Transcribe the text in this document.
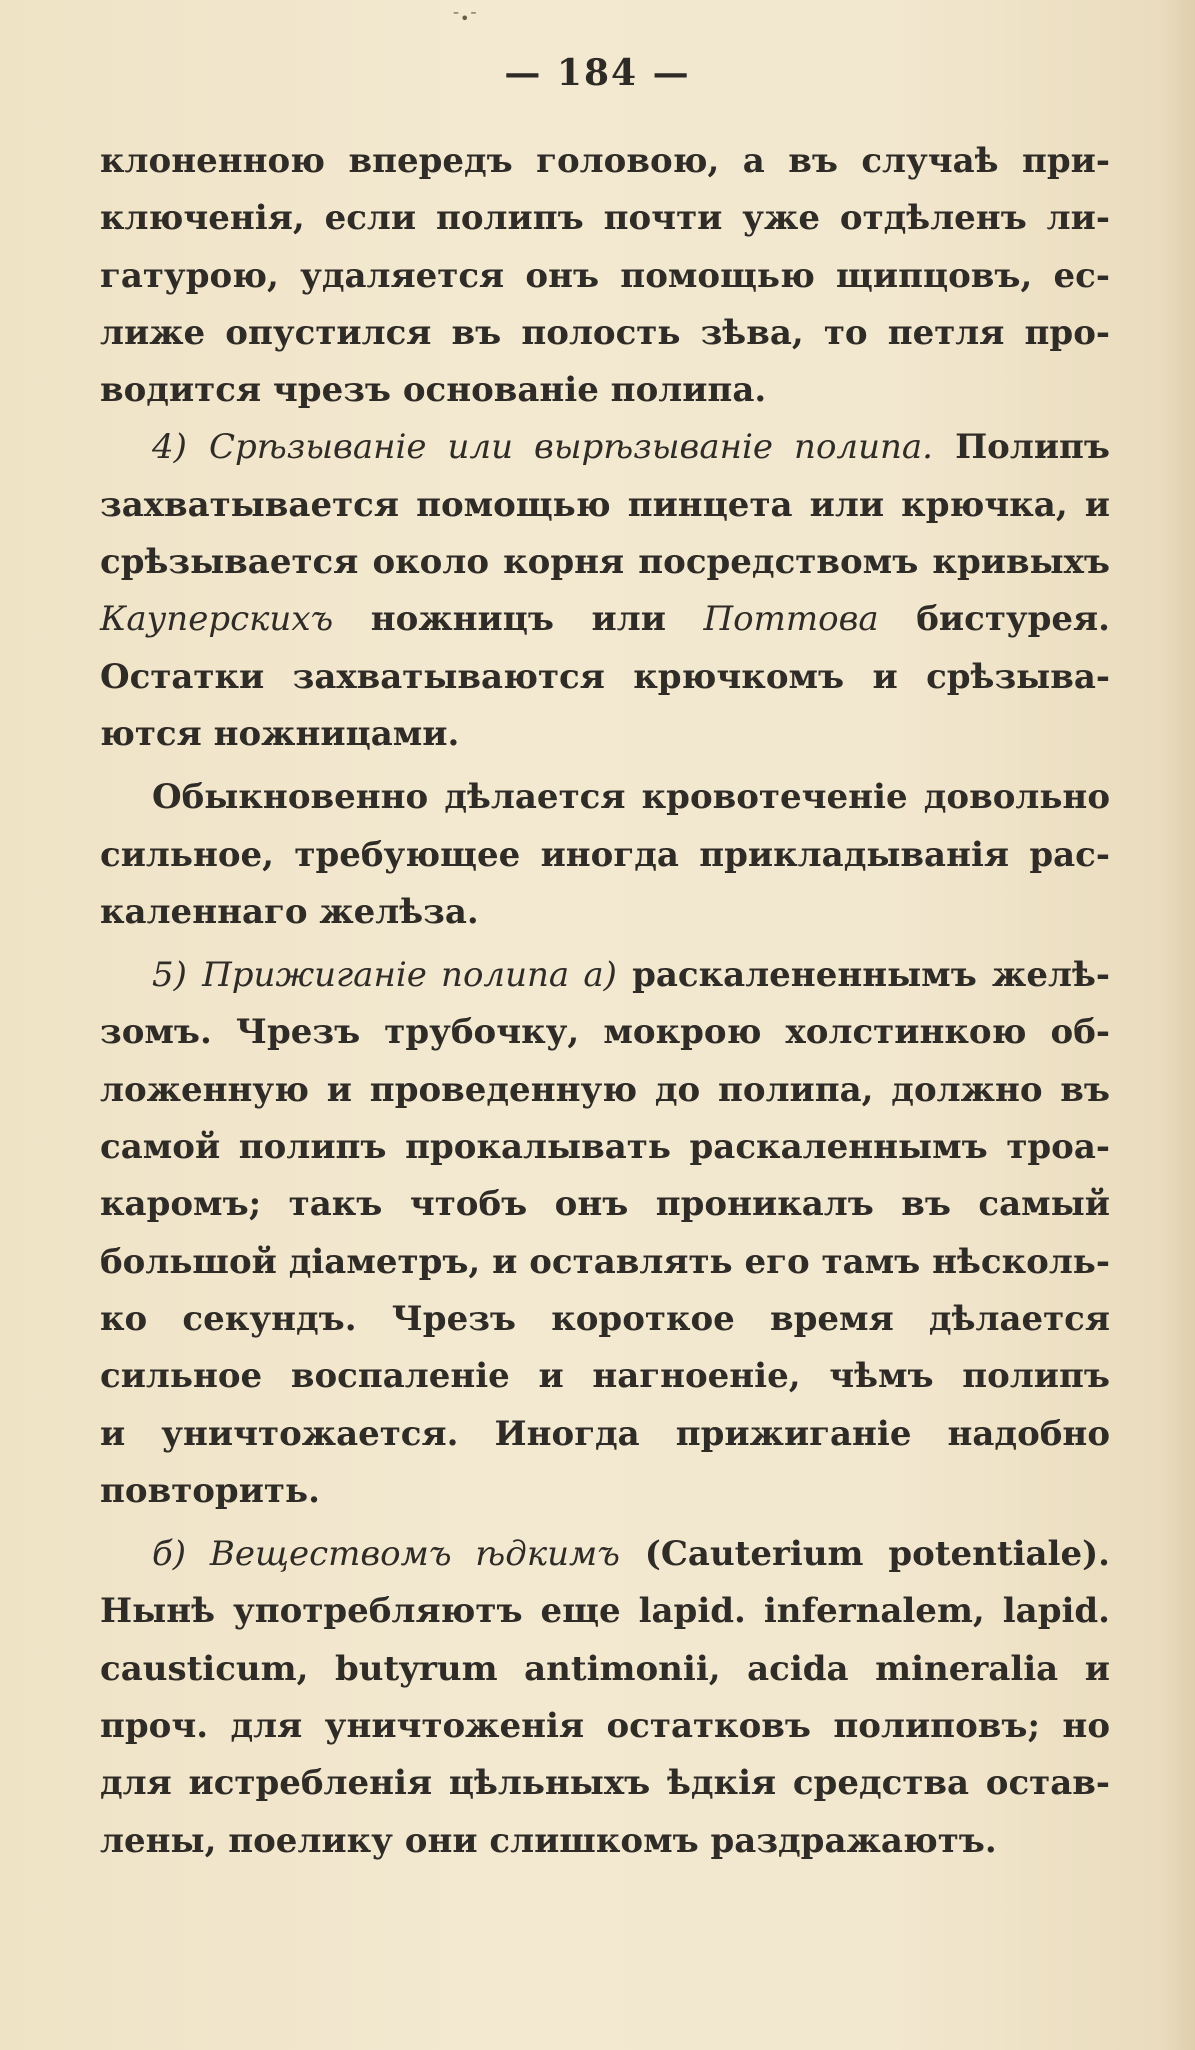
ˉ•ˉ
— 184 —
клоненною впередъ головою, а въ случаѣ при-
ключенія, если полипъ почти уже отдѣленъ ли-
гатурою, удаляется онъ помощью щипцовъ, ес-
лиже опустился въ полость зѣва, то петля про-
водится чрезъ основаніе полипа.
4) Срѣзываніе или вырѣзываніе полипа. Полипъ
захватывается помощью пинцета или крючка, и
срѣзывается около корня посредствомъ кривыхъ
Кауперскихъ ножницъ или Поттова бистурея.
Остатки захватываются крючкомъ и срѣзыва-
ются ножницами.
Обыкновенно дѣлается кровотеченіе довольно
сильное, требующее иногда прикладыванія рас-
каленнаго желѣза.
5) Прижиганіе полипа а) раскалененнымъ желѣ-
зомъ. Чрезъ трубочку, мокрою холстинкою об-
ложенную и проведенную до полипа, должно въ
самой полипъ прокалывать раскаленнымъ троа-
каромъ; такъ чтобъ онъ проникалъ въ самый
большой діаметръ, и оставлять его тамъ нѣсколь-
ко секундъ. Чрезъ короткое время дѣлается
сильное воспаленіе и нагноеніе, чѣмъ полипъ
и уничтожается. Иногда прижиганіе надобно
повторить.
б) Веществомъ ѣдкимъ (Cauterium potentiale).
Нынѣ употребляютъ еще lapid. infernalem, lapid.
causticum, butyrum antimonii, acida mineralia и
проч. для уничтоженія остатковъ полиповъ; но
для истребленія цѣльныхъ ѣдкія средства остав-
лены, поелику они слишкомъ раздражаютъ.
